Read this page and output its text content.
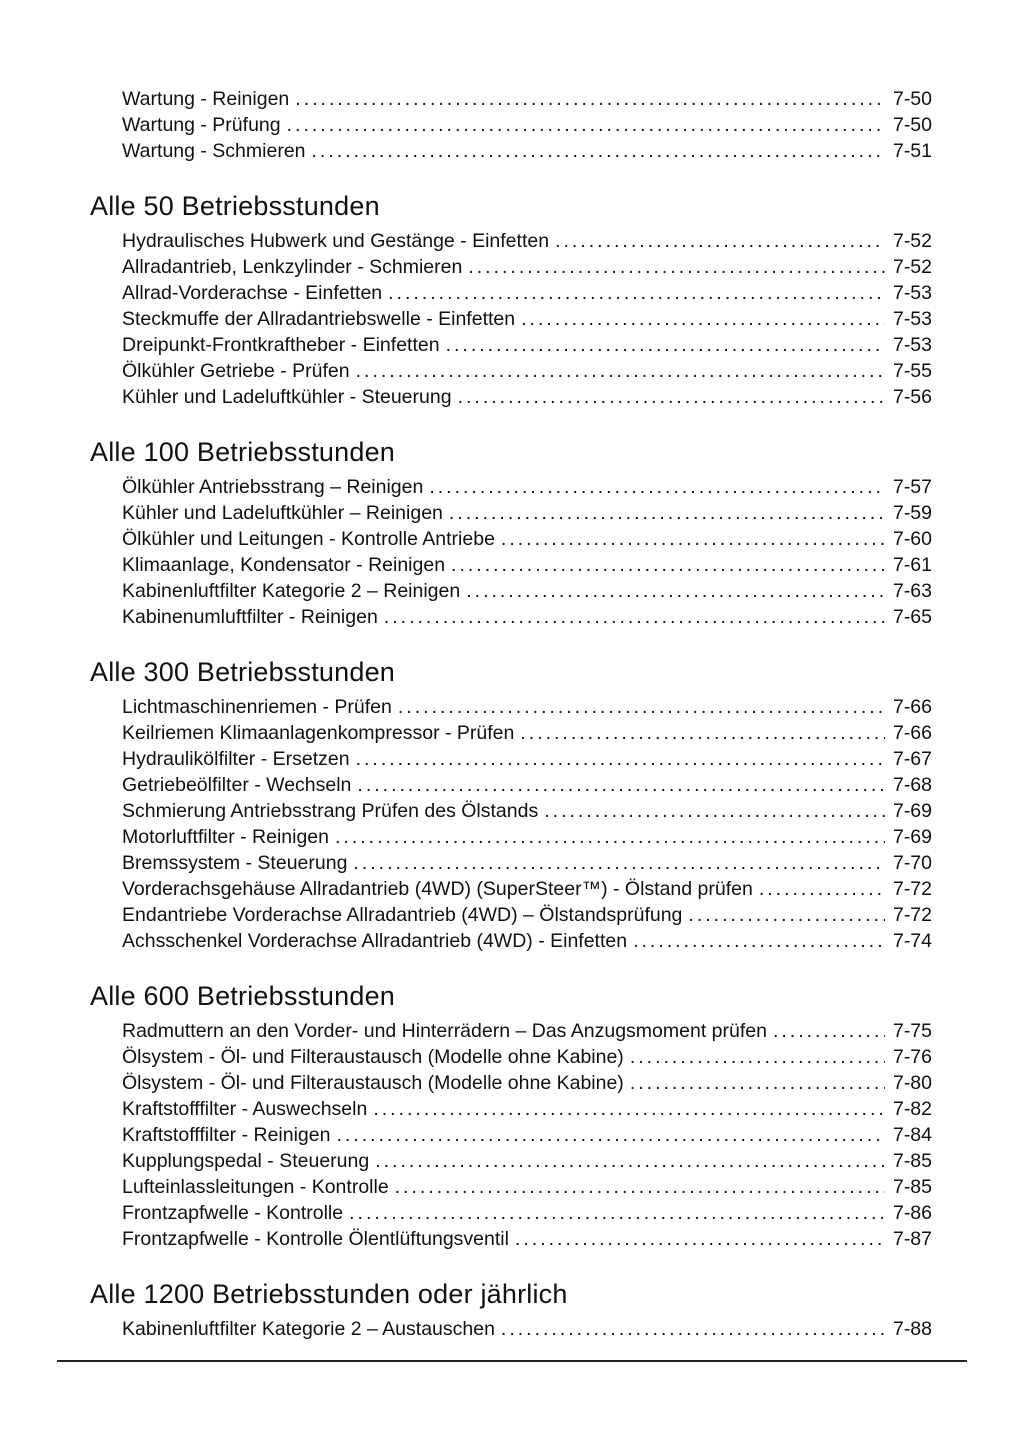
Wartung - Reinigen .....	7-50
Wartung - Prüfung .....	7-50
Wartung - Schmieren .....	7-51
Alle 50 Betriebsstunden
Hydraulisches Hubwerk und Gestänge - Einfetten .....	7-52
Allradantrieb, Lenkzylinder - Schmieren .....	7-52
Allrad-Vorderachse - Einfetten .....	7-53
Steckmuffe der Allradantriebswelle - Einfetten .....	7-53
Dreipunkt-Frontkraftheber - Einfetten .....	7-53
Ölkühler Getriebe - Prüfen .....	7-55
Kühler und Ladeluftkühler - Steuerung .....	7-56
Alle 100 Betriebsstunden
Ölkühler Antriebsstrang – Reinigen .....	7-57
Kühler und Ladeluftkühler – Reinigen .....	7-59
Ölkühler und Leitungen - Kontrolle Antriebe .....	7-60
Klimaanlage, Kondensator - Reinigen .....	7-61
Kabinenluftfilter Kategorie 2 – Reinigen .....	7-63
Kabinenumluftfilter - Reinigen .....	7-65
Alle 300 Betriebsstunden
Lichtmaschinenriemen - Prüfen .....	7-66
Keilriemen Klimaanlagenkompressor - Prüfen .....	7-66
Hydraulikölfilter - Ersetzen .....	7-67
Getriebeölfilter - Wechseln .....	7-68
Schmierung Antriebsstrang Prüfen des Ölstands .....	7-69
Motorluftfilter - Reinigen .....	7-69
Bremssystem - Steuerung .....	7-70
Vorderachsgehäuse Allradantrieb (4WD) (SuperSteer™) - Ölstand prüfen .....	7-72
Endantriebe Vorderachse Allradantrieb (4WD) – Ölstandsprüfung .....	7-72
Achsschenkel Vorderachse Allradantrieb (4WD) - Einfetten .....	7-74
Alle 600 Betriebsstunden
Radmuttern an den Vorder- und Hinterrädern – Das Anzugsmoment prüfen .....	7-75
Ölsystem - Öl- und Filteraustausch (Modelle ohne Kabine) .....	7-76
Ölsystem - Öl- und Filteraustausch (Modelle ohne Kabine) .....	7-80
Kraftstofffilter - Auswechseln .....	7-82
Kraftstofffilter - Reinigen .....	7-84
Kupplungspedal - Steuerung .....	7-85
Lufteinlassleitungen - Kontrolle .....	7-85
Frontzapfwelle - Kontrolle .....	7-86
Frontzapfwelle - Kontrolle Ölentlüftungsventil .....	7-87
Alle 1200 Betriebsstunden oder jährlich
Kabinenluftfilter Kategorie 2 – Austauschen .....	7-88
